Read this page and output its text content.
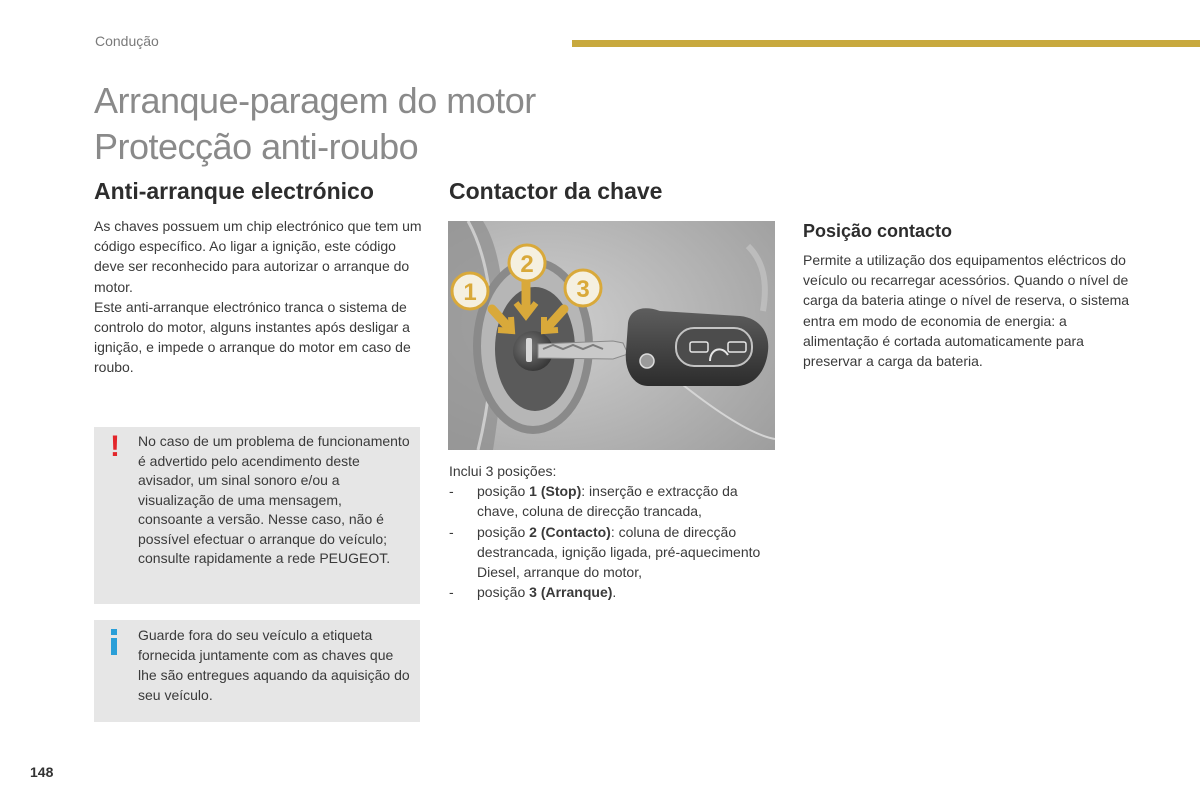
Condução
Arranque-paragem do motor
Protecção anti-roubo
Anti-arranque electrónico
As chaves possuem um chip electrónico que tem um código específico. Ao ligar a ignição, este código deve ser reconhecido para autorizar o arranque do motor.
Este anti-arranque electrónico tranca o sistema de controlo do motor, alguns instantes após desligar a ignição, e impede o arranque do motor em caso de roubo.
! No caso de um problema de funcionamento é advertido pelo acendimento deste avisador, um sinal sonoro e/ou a visualização de uma mensagem, consoante a versão. Nesse caso, não é possível efectuar o arranque do veículo; consulte rapidamente a rede PEUGEOT.
Guarde fora do seu veículo a etiqueta fornecida juntamente com as chaves que lhe são entregues aquando da aquisição do seu veículo.
Contactor da chave
1
2
3
Inclui 3 posições:
- posição 1 (Stop): inserção e extracção da chave, coluna de direcção trancada,
- posição 2 (Contacto): coluna de direcção destrancada, ignição ligada, pré-aquecimento Diesel, arranque do motor,
- posição 3 (Arranque).
Posição contacto
Permite a utilização dos equipamentos eléctricos do veículo ou recarregar acessórios. Quando o nível de carga da bateria atinge o nível de reserva, o sistema entra em modo de economia de energia: a alimentação é cortada automaticamente para preservar a carga da bateria.
148
